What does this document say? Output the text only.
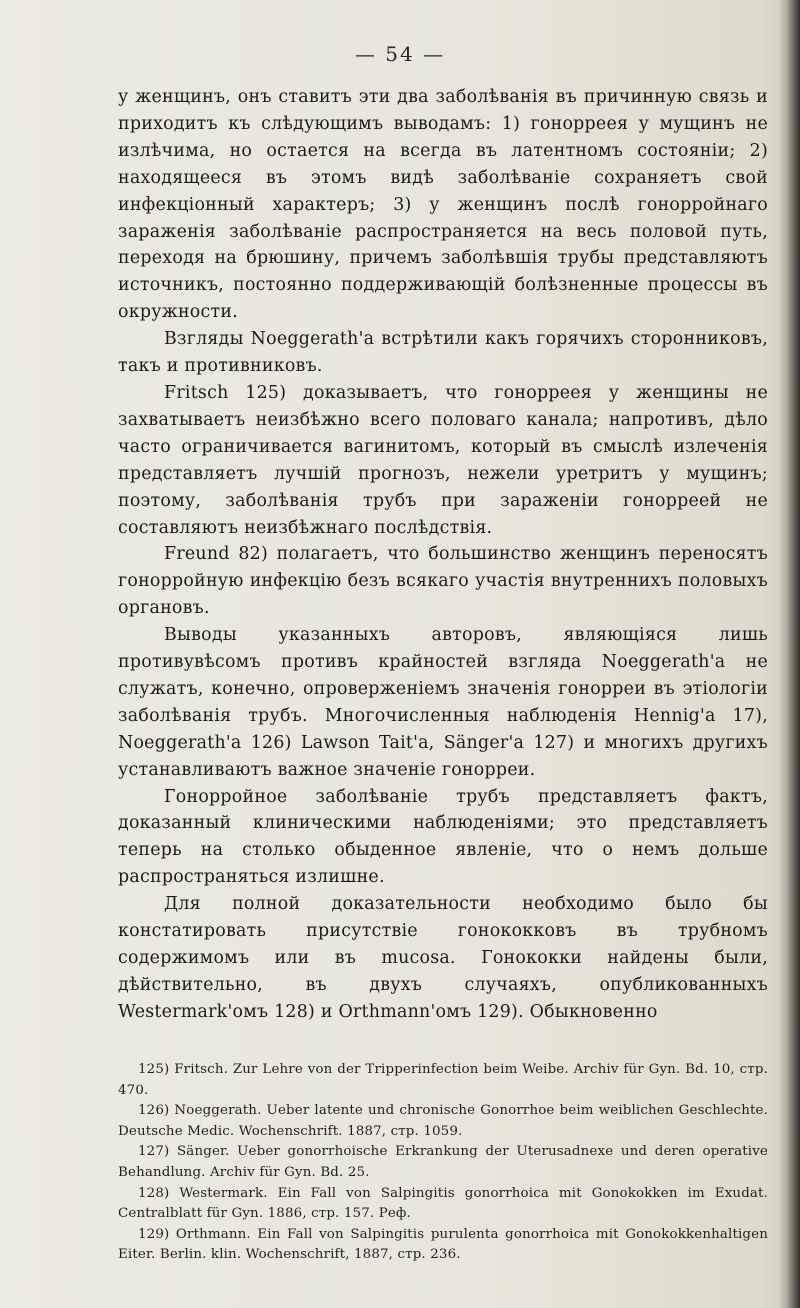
— 54 —

у женщинъ, онъ ставитъ эти два заболѣванія въ причинную связь и приходитъ къ слѣдующимъ выводамъ: 1) гонорреея у мущинъ не излѣчима, но остается на всегда въ латентномъ состояніи; 2) находящееся въ этомъ видѣ заболѣваніе сохраняетъ свой инфекціонный характеръ; 3) у женщинъ послѣ гонорройнаго зараженія заболѣваніе распространяется на весь половой путь, переходя на брюшину, причемъ заболѣвшія трубы представляютъ источникъ, постоянно поддерживающій болѣзненные процессы въ окружности.

Взгляды Noeggerath'а встрѣтили какъ горячихъ сторонниковъ, такъ и противниковъ.

Fritsch 125) доказываетъ, что гонорреея у женщины не захватываетъ неизбѣжно всего половаго канала; напротивъ, дѣло часто ограничивается вагинитомъ, который въ смыслѣ излеченія представляетъ лучшій прогнозъ, нежели уретритъ у мущинъ; поэтому, заболѣванія трубъ при зараженіи гонорреей не составляютъ неизбѣжнаго послѣдствія.

Freund 82) полагаетъ, что большинство женщинъ переносятъ гонорройную инфекцію безъ всякаго участія внутреннихъ половыхъ органовъ.

Выводы указанныхъ авторовъ, являющіяся лишь противувѣсомъ противъ крайностей взгляда Noeggerath'а не служатъ, конечно, опроверженіемъ значенія гонорреи въ этіологіи заболѣванія трубъ. Многочисленныя наблюденія Hennig'а 17), Noeggerath'а 126) Lawson Tait'а, Sänger'а 127) и многихъ другихъ устанавливаютъ важное значеніе гонорреи.

Гонорройное заболѣваніе трубъ представляетъ фактъ, доказанный клиническими наблюденіями; это представляетъ теперь на столько обыденное явленіе, что о немъ дольше распространяться излишне.

Для полной доказательности необходимо было бы констатировать присутствіе гонококковъ въ трубномъ содержимомъ или въ mucosa. Гонококки найдены были, дѣйствительно, въ двухъ случаяхъ, опубликованныхъ Westermark'омъ 128) и Orthmann'омъ 129). Обыкновенно

125) Fritsch. Zur Lehre von der Tripperinfection beim Weibe. Archiv für Gyn. Bd. 10, стр. 470.

126) Noeggerath. Ueber latente und chronische Gonorrhoe beim weiblichen Geschlechte. Deutsche Medic. Wochenschrift. 1887, стр. 1059.

127) Sänger. Ueber gonorrhoische Erkrankung der Uterusadnexe und deren operative Behandlung. Archiv für Gyn. Bd. 25.

128) Westermark. Ein Fall von Salpingitis gonorrhoica mit Gonokokken im Exudat. Centralblatt für Gyn. 1886, стр. 157. Реф.

129) Orthmann. Ein Fall von Salpingitis purulenta gonorrhoica mit Gonokokkenhaltigen Eiter. Berlin. klin. Wochenschrift, 1887, стр. 236.
